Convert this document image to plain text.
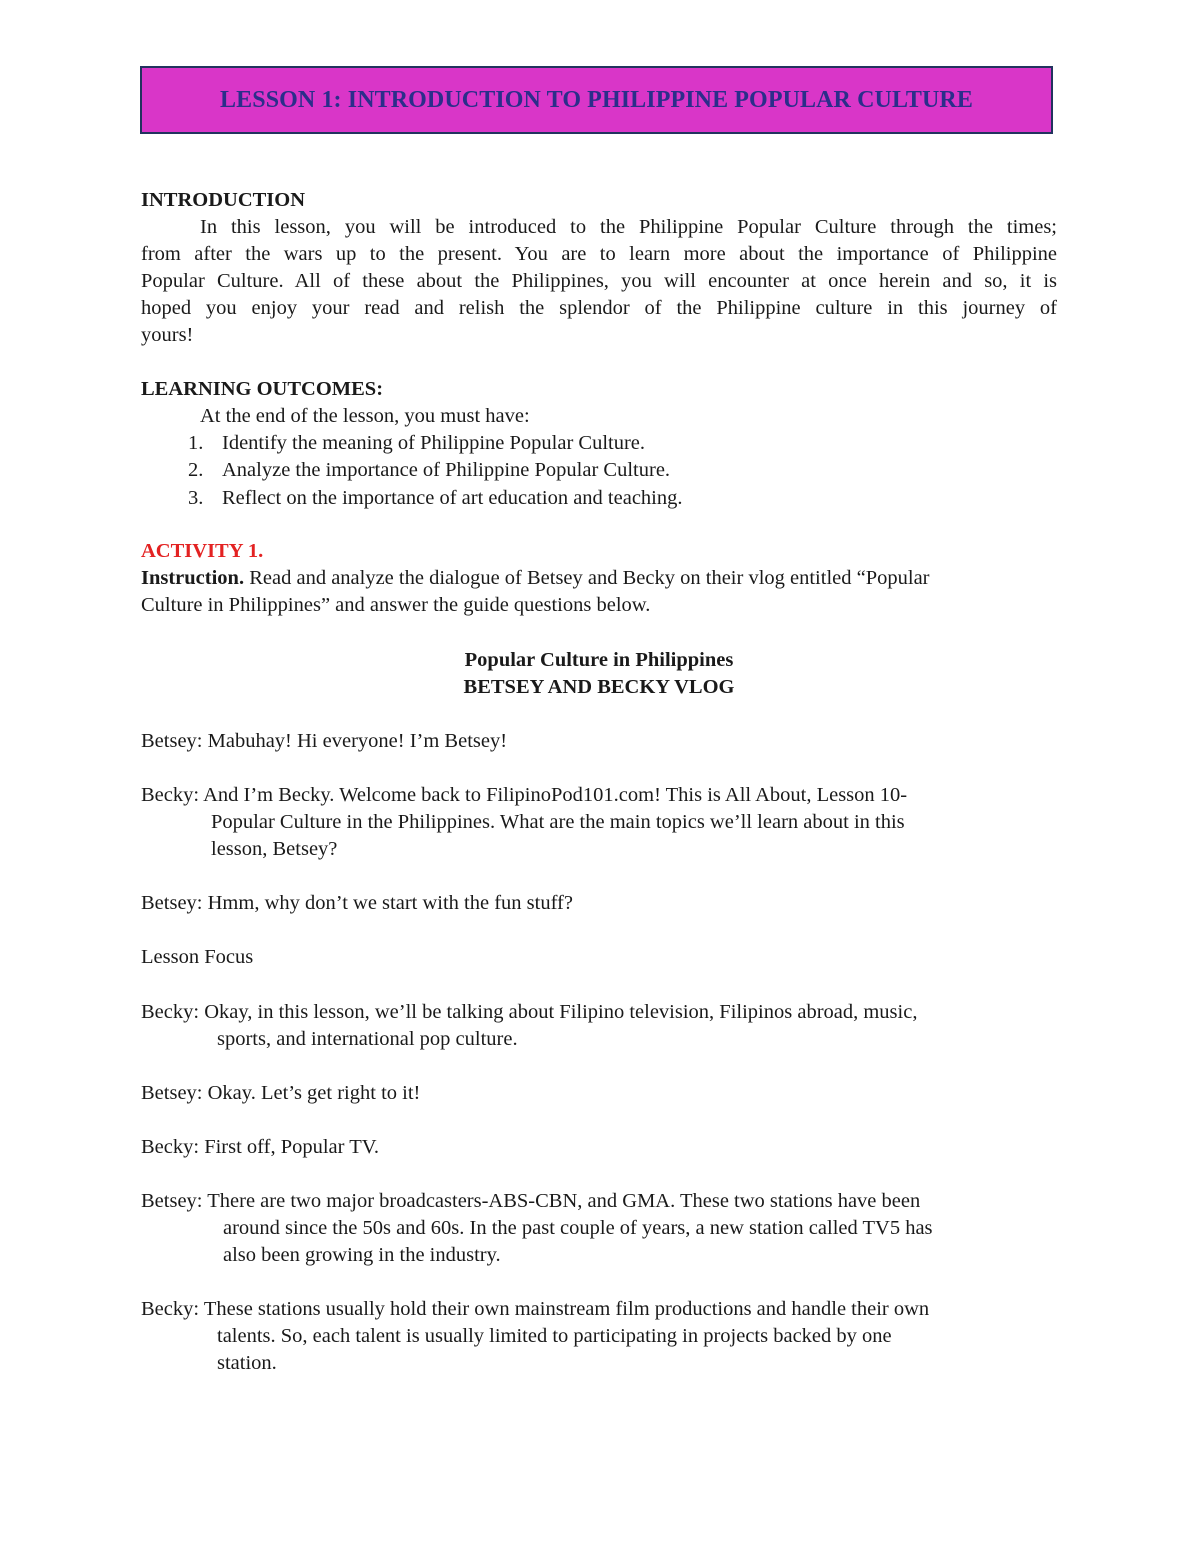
LESSON 1: INTRODUCTION TO PHILIPPINE POPULAR CULTURE
INTRODUCTION
In this lesson, you will be introduced to the Philippine Popular Culture through the times;
from after the wars up to the present. You are to learn more about the importance of Philippine
Popular Culture. All of these about the Philippines, you will encounter at once herein and so, it is
hoped you enjoy your read and relish the splendor of the Philippine culture in this journey of
yours!
LEARNING OUTCOMES:
At the end of the lesson, you must have:
1. Identify the meaning of Philippine Popular Culture.
2. Analyze the importance of Philippine Popular Culture.
3. Reflect on the importance of art education and teaching.
ACTIVITY 1.
Instruction. Read and analyze the dialogue of Betsey and Becky on their vlog entitled “Popular
Culture in Philippines” and answer the guide questions below.
Popular Culture in Philippines
BETSEY AND BECKY VLOG
Betsey: Mabuhay! Hi everyone! I’m Betsey!
Becky: And I’m Becky. Welcome back to FilipinoPod101.com! This is All About, Lesson 10-
Popular Culture in the Philippines. What are the main topics we’ll learn about in this
lesson, Betsey?
Betsey: Hmm, why don’t we start with the fun stuff?
Lesson Focus
Becky: Okay, in this lesson, we’ll be talking about Filipino television, Filipinos abroad, music,
sports, and international pop culture.
Betsey: Okay. Let’s get right to it!
Becky: First off, Popular TV.
Betsey: There are two major broadcasters-ABS-CBN, and GMA. These two stations have been
around since the 50s and 60s. In the past couple of years, a new station called TV5 has
also been growing in the industry.
Becky: These stations usually hold their own mainstream film productions and handle their own
talents. So, each talent is usually limited to participating in projects backed by one
station.
